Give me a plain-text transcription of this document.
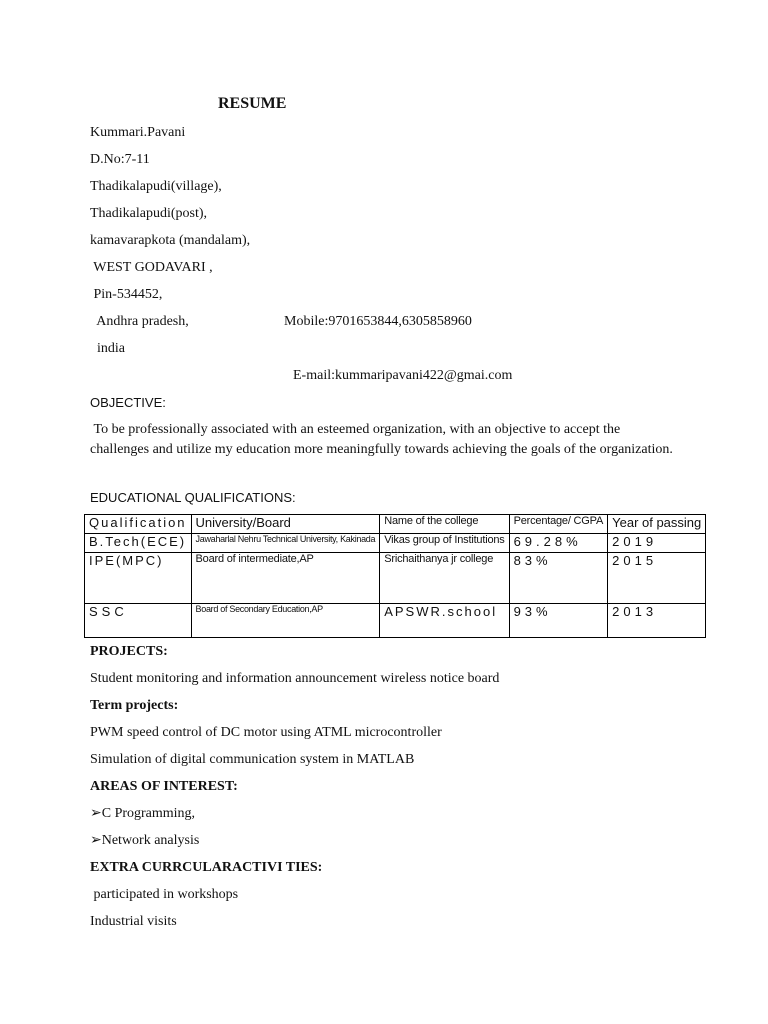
RESUME
Kummari.Pavani
D.No:7-11
Thadikalapudi(village),
Thadikalapudi(post),
kamavarapkota (mandalam),
WEST GODAVARI ,
Pin-534452,
Andhra pradesh,	Mobile:9701653844,6305858960
india
E-mail:kummaripavani422@gmai.com
OBJECTIVE:
To be professionally associated with an esteemed organization, with an objective to accept the challenges and utilize my education more meaningfully towards achieving the goals of the organization.
EDUCATIONAL QUALIFICATIONS:
Qualification	University/Board	Name of the college	Percentage/ CGPA	Year of passing
B.Tech(ECE)	Jawaharlal Nehru Technical University, Kakinada	Vikas group of Institutions	69.28%	2019
IPE(MPC)	Board of intermediate,AP	Srichaithanya jr college	83%	2015
SSC	Board of Secondary Education,AP	APSWR.school	93%	2013
PROJECTS:
Student monitoring and information announcement wireless notice board
Term projects:
PWM speed control of DC motor using ATML microcontroller
Simulation of digital communication system in MATLAB
AREAS OF INTEREST:
➢C Programming,
➢Network analysis
EXTRA CURRCULARACTIVI TIES:
participated in workshops
Industrial visits
